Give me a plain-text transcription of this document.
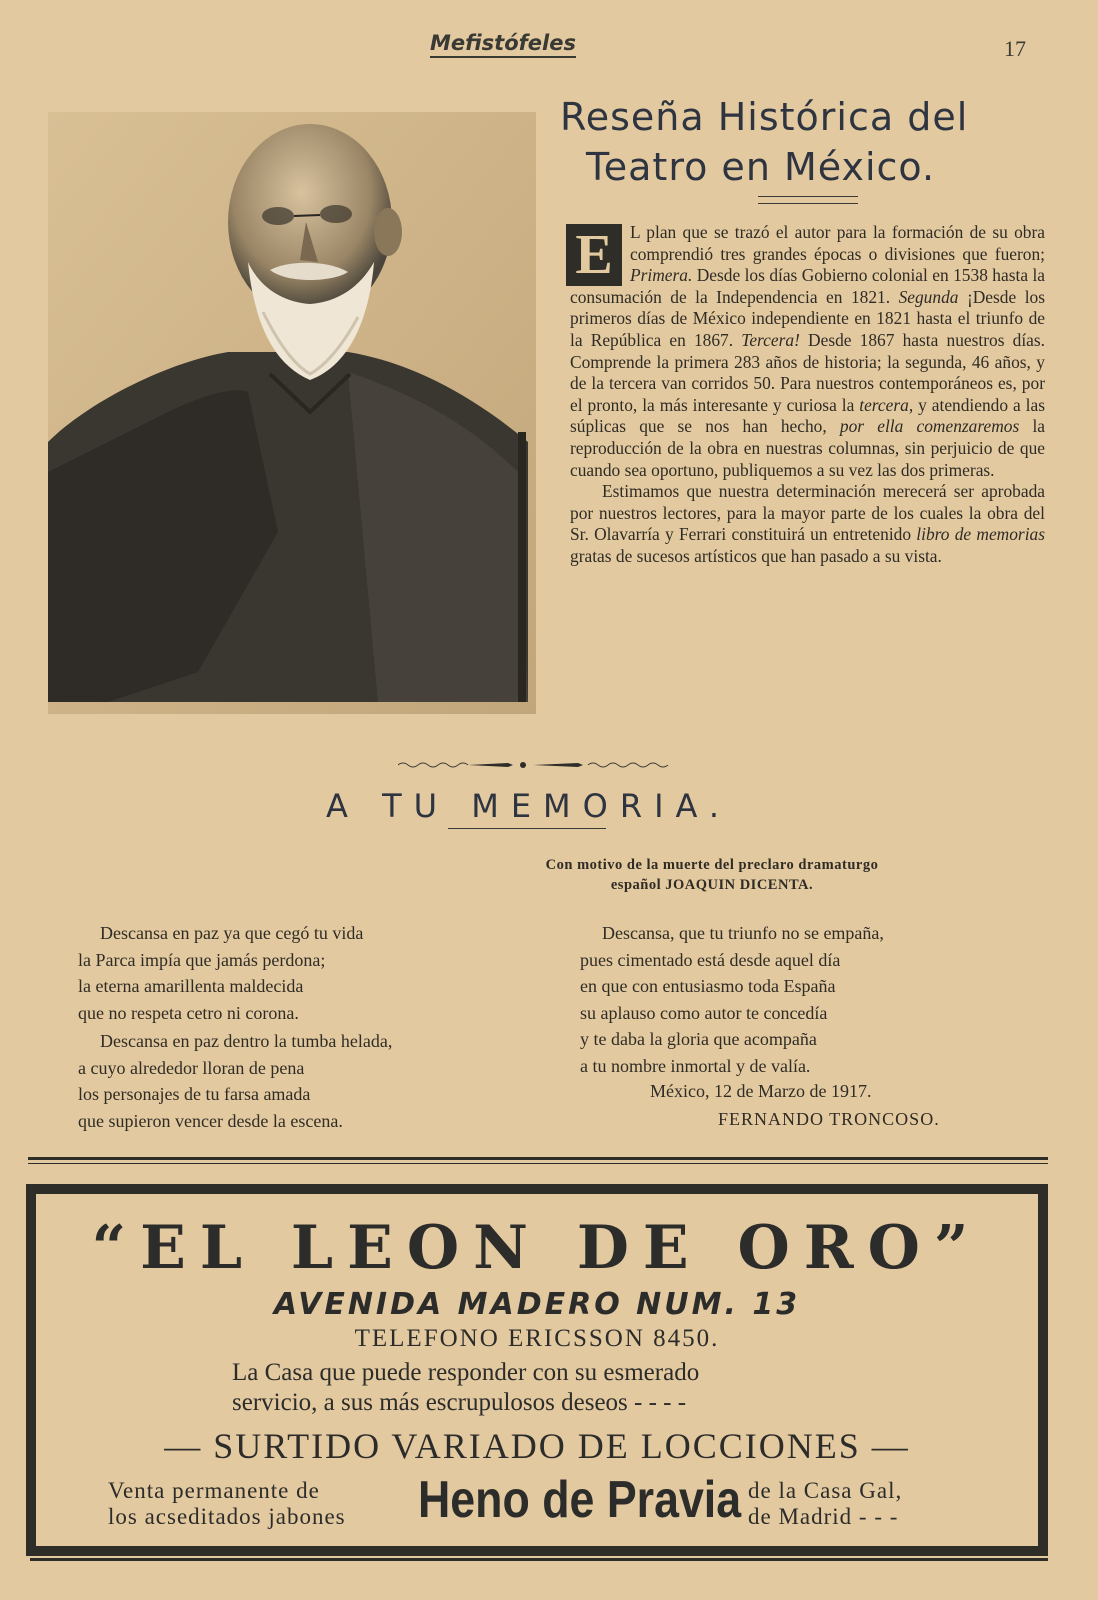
Mefistófeles	17
Reseña Histórica del
Teatro en México.

E L plan que se trazó el autor para la formación de su obra comprendió tres grandes épocas o divisiones que fueron; Primera. Desde los días Gobierno colonial en 1538 hasta la consumación de la Independencia en 1821. Segunda ¡Desde los primeros días de México independiente en 1821 hasta el triunfo de la República en 1867. Tercera! Desde 1867 hasta nuestros días. Comprende la primera 283 años de historia; la segunda, 46 años, y de la tercera van corridos 50. Para nuestros contemporáneos es, por el pronto, la más interesante y curiosa la tercera, y atendiendo a las súplicas que se nos han hecho, por ella comenzaremos la reproducción de la obra en nuestras columnas, sin perjuicio de que cuando sea oportuno, publiquemos a su vez las dos primeras.

Estimamos que nuestra determinación merecerá ser aprobada por nuestros lectores, para la mayor parte de los cuales la obra del Sr. Olavarría y Ferrari constituirá un entretenido libro de memorias gratas de sucesos artísticos que han pasado a su vista.

A TU MEMORIA.
Con motivo de la muerte del preclaro dramaturgo
español JOAQUIN DICENTA.
Descansa en paz ya que cegó tu vida
la Parca impía que jamás perdona;
la eterna amarillenta maldecida
que no respeta cetro ni corona.
Descansa en paz dentro la tumba helada,
a cuyo alrededor lloran de pena
los personajes de tu farsa amada
que supieron vencer desde la escena.
Descansa, que tu triunfo no se empaña,
pues cimentado está desde aquel día
en que con entusiasmo toda España
su aplauso como autor te concedía
y te daba la gloria que acompaña
a tu nombre inmortal y de valía.
México, 12 de Marzo de 1917.
FERNANDO TRONCOSO.
“EL LEON DE ORO”
AVENIDA MADERO NUM. 13
TELEFONO ERICSSON 8450.
La Casa que puede responder con su esmerado
servicio, a sus más escrupulosos deseos - - - -
— SURTIDO VARIADO DE LOCCIONES —
Venta permanente de
los acseditados jabones	Heno de Pravia de la Casa Gal,
de Madrid - - -
